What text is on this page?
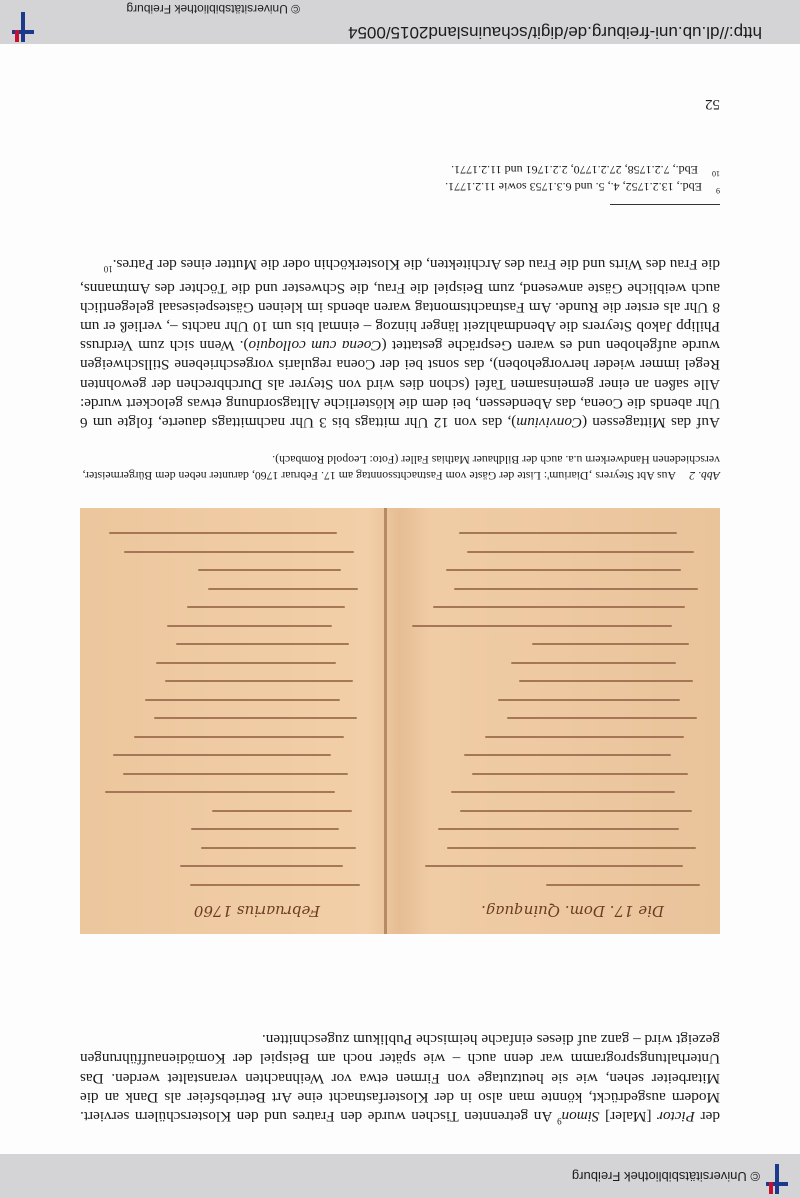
© Universitätsbibliothek Freiburg
der Pictor [Maler] Simon$^9$ An getrennten Tischen wurde den Fratres und den Klosterschülern serviert. Modern ausgedrückt, könnte man also in der Klosterfastnacht eine Art Betriebsfeier als Dank an die Mitarbeiter sehen, wie sie heutzutage von Firmen etwa vor Weihnachten veranstaltet werden. Das Unterhaltungsprogramm war denn auch – wie später noch am Beispiel der Komödienaufführungen gezeigt wird – ganz auf dieses einfache heimische Publikum zugeschnitten.
Die 17. Dom. Quinquag.
Februarius 1760
Abb. 2Aus Abt Steyrers ‚Diarium': Liste der Gäste vom Fastnachtssonntag am 17. Februar 1760, darunter neben dem Bürgermeister, verschiedenen Handwerkern u.a. auch der Bildhauer Mathias Faller (Foto: Leopold Rombach).
Auf das Mittagessen (Convivium), das von 12 Uhr mittags bis 3 Uhr nachmittags dauerte, folgte um 6 Uhr abends die Coena, das Abendessen, bei dem die klösterliche Alltagsordnung etwas gelockert wurde: Alle saßen an einer gemeinsamen Tafel (schon dies wird von Steyrer als Durchbrechen der gewohnten Regel immer wieder hervorgehoben), das sonst bei der Coena regularis vorgeschriebene Stillschweigen wurde aufgehoben und es waren Gespräche gestattet (Coena cum colloquio). Wenn sich zum Verdruss Philipp Jakob Steyrers die Abendmahlzeit länger hinzog – einmal bis um 10 Uhr nachts –, verließ er um 8 Uhr als erster die Runde. Am Fastnachtsmontag waren abends im kleinen Gästespeisesaal gelegentlich auch weibliche Gäste anwesend, zum Beispiel die Frau, die Schwester und die Töchter des Amtmanns, die Frau des Wirts und die Frau des Architekten, die Klosterköchin oder die Mutter eines der Patres.$^{10}$
$^9$Ebd., 13.2.1752, 4., 5. und 6.3.1753 sowie 11.2.1771.
$^{10}$Ebd., 7.2.1758, 27.2.1770, 2.2.1761 und 11.2.1771.
52
http://dl.ub.uni-freiburg.de/digit/schauinsland2015/0054
© Universitätsbibliothek Freiburg
